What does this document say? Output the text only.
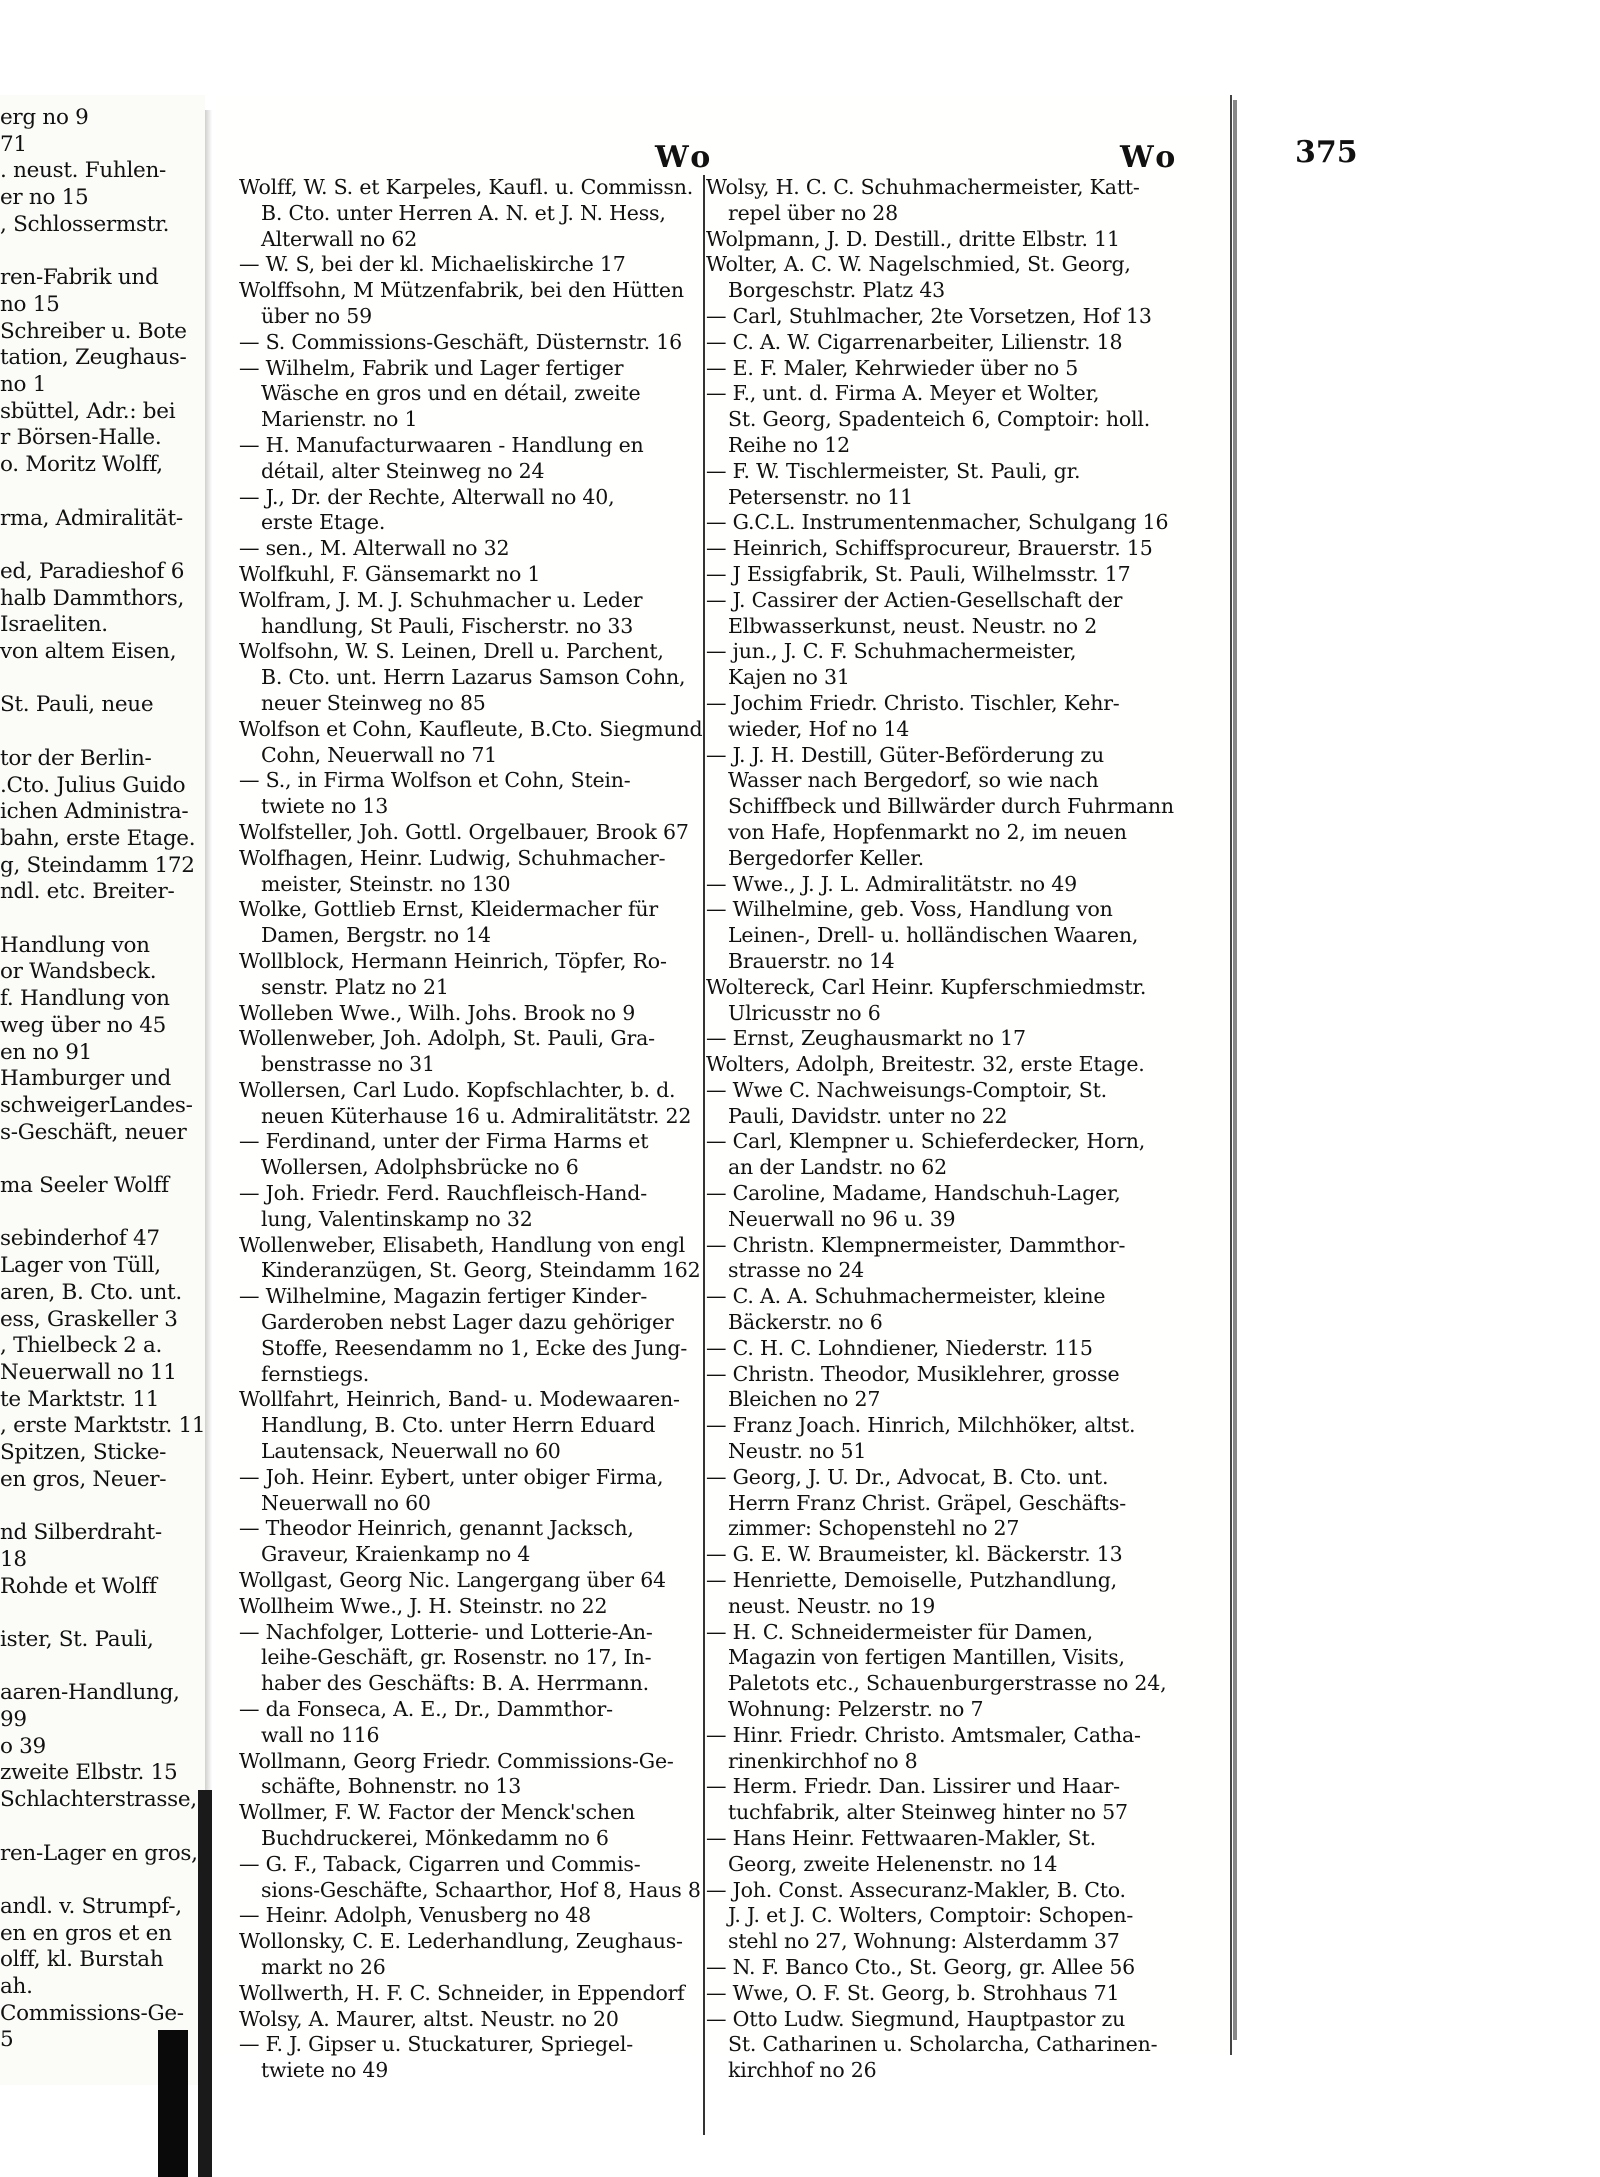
erg no 9
71
. neust. Fuhlen-
er no 15
, Schlossermstr.
ren-Fabrik und
no 15
Schreiber u. Bote
tation, Zeughaus-
no 1
sbüttel, Adr.: bei
r Börsen-Halle.
o. Moritz Wolff,
rma, Admiralität-
ed, Paradieshof 6
halb Dammthors,
Israeliten.
von altem Eisen,
St. Pauli, neue
tor der Berlin-
.Cto. Julius Guido
ichen Administra-
bahn, erste Etage.
g, Steindamm 172
ndl. etc. Breiter-
Handlung von
or Wandsbeck.
f. Handlung von
weg über no 45
en no 91
Hamburger und
schweigerLandes-
s-Geschäft, neuer
ma Seeler Wolff
sebinderhof 47
Lager von Tüll,
aren, B. Cto. unt.
ess, Graskeller 3
, Thielbeck 2 a.
Neuerwall no 11
te Marktstr. 11
, erste Marktstr. 11
Spitzen, Sticke-
en gros, Neuer-
nd Silberdraht-
18
Rohde et Wolff
ister, St. Pauli,
aaren-Handlung,
99
o 39
zweite Elbstr. 15
Schlachterstrasse,
ren-Lager en gros,
andl. v. Strumpf-,
en en gros et en
olff, kl. Burstah
ah.
Commissions-Ge-
5
Wo	Wo	375
Wolff, W. S. et Karpeles, Kaufl. u. Commissn.
B. Cto. unter Herren A. N. et J. N. Hess,
Alterwall no 62
— W. S, bei der kl. Michaeliskirche 17
Wolffsohn, M Mützenfabrik, bei den Hütten
über no 59
— S. Commissions-Geschäft, Düsternstr. 16
— Wilhelm, Fabrik und Lager fertiger
Wäsche en gros und en détail, zweite
Marienstr. no 1
— H. Manufacturwaaren - Handlung en
détail, alter Steinweg no 24
— J., Dr. der Rechte, Alterwall no 40,
erste Etage.
— sen., M. Alterwall no 32
Wolfkuhl, F. Gänsemarkt no 1
Wolfram, J. M. J. Schuhmacher u. Leder
handlung, St Pauli, Fischerstr. no 33
Wolfsohn, W. S. Leinen, Drell u. Parchent,
B. Cto. unt. Herrn Lazarus Samson Cohn,
neuer Steinweg no 85
Wolfson et Cohn, Kaufleute, B.Cto. Siegmund
Cohn, Neuerwall no 71
— S., in Firma Wolfson et Cohn, Stein-
twiete no 13
Wolfsteller, Joh. Gottl. Orgelbauer, Brook 67
Wolfhagen, Heinr. Ludwig, Schuhmacher-
meister, Steinstr. no 130
Wolke, Gottlieb Ernst, Kleidermacher für
Damen, Bergstr. no 14
Wollblock, Hermann Heinrich, Töpfer, Ro-
senstr. Platz no 21
Wolleben Wwe., Wilh. Johs. Brook no 9
Wollenweber, Joh. Adolph, St. Pauli, Gra-
benstrasse no 31
Wollersen, Carl Ludo. Kopfschlachter, b. d.
neuen Küterhause 16 u. Admiralitätstr. 22
— Ferdinand, unter der Firma Harms et
Wollersen, Adolphsbrücke no 6
— Joh. Friedr. Ferd. Rauchfleisch-Hand-
lung, Valentinskamp no 32
Wollenweber, Elisabeth, Handlung von engl
Kinderanzügen, St. Georg, Steindamm 162
— Wilhelmine, Magazin fertiger Kinder-
Garderoben nebst Lager dazu gehöriger
Stoffe, Reesendamm no 1, Ecke des Jung-
fernstiegs.
Wollfahrt, Heinrich, Band- u. Modewaaren-
Handlung, B. Cto. unter Herrn Eduard
Lautensack, Neuerwall no 60
— Joh. Heinr. Eybert, unter obiger Firma,
Neuerwall no 60
— Theodor Heinrich, genannt Jacksch,
Graveur, Kraienkamp no 4
Wollgast, Georg Nic. Langergang über 64
Wollheim Wwe., J. H. Steinstr. no 22
— Nachfolger, Lotterie- und Lotterie-An-
leihe-Geschäft, gr. Rosenstr. no 17, In-
haber des Geschäfts: B. A. Herrmann.
— da Fonseca, A. E., Dr., Dammthor-
wall no 116
Wollmann, Georg Friedr. Commissions-Ge-
schäfte, Bohnenstr. no 13
Wollmer, F. W. Factor der Menck'schen
Buchdruckerei, Mönkedamm no 6
— G. F., Taback, Cigarren und Commis-
sions-Geschäfte, Schaarthor, Hof 8, Haus 8
— Heinr. Adolph, Venusberg no 48
Wollonsky, C. E. Lederhandlung, Zeughaus-
markt no 26
Wollwerth, H. F. C. Schneider, in Eppendorf
Wolsy, A. Maurer, altst. Neustr. no 20
— F. J. Gipser u. Stuckaturer, Spriegel-
twiete no 49
Wolsy, H. C. C. Schuhmachermeister, Katt-
repel über no 28
Wolpmann, J. D. Destill., dritte Elbstr. 11
Wolter, A. C. W. Nagelschmied, St. Georg,
Borgeschstr. Platz 43
— Carl, Stuhlmacher, 2te Vorsetzen, Hof 13
— C. A. W. Cigarrenarbeiter, Lilienstr. 18
— E. F. Maler, Kehrwieder über no 5
— F., unt. d. Firma A. Meyer et Wolter,
St. Georg, Spadenteich 6, Comptoir: holl.
Reihe no 12
— F. W. Tischlermeister, St. Pauli, gr.
Petersenstr. no 11
— G.C.L. Instrumentenmacher, Schulgang 16
— Heinrich, Schiffsprocureur, Brauerstr. 15
— J Essigfabrik, St. Pauli, Wilhelmsstr. 17
— J. Cassirer der Actien-Gesellschaft der
Elbwasserkunst, neust. Neustr. no 2
— jun., J. C. F. Schuhmachermeister,
Kajen no 31
— Jochim Friedr. Christo. Tischler, Kehr-
wieder, Hof no 14
— J. J. H. Destill, Güter-Beförderung zu
Wasser nach Bergedorf, so wie nach
Schiffbeck und Billwärder durch Fuhrmann
von Hafe, Hopfenmarkt no 2, im neuen
Bergedorfer Keller.
— Wwe., J. J. L. Admiralitätstr. no 49
— Wilhelmine, geb. Voss, Handlung von
Leinen-, Drell- u. holländischen Waaren,
Brauerstr. no 14
Woltereck, Carl Heinr. Kupferschmiedmstr.
Ulricusstr no 6
— Ernst, Zeughausmarkt no 17
Wolters, Adolph, Breitestr. 32, erste Etage.
— Wwe C. Nachweisungs-Comptoir, St.
Pauli, Davidstr. unter no 22
— Carl, Klempner u. Schieferdecker, Horn,
an der Landstr. no 62
— Caroline, Madame, Handschuh-Lager,
Neuerwall no 96 u. 39
— Christn. Klempnermeister, Dammthor-
strasse no 24
— C. A. A. Schuhmachermeister, kleine
Bäckerstr. no 6
— C. H. C. Lohndiener, Niederstr. 115
— Christn. Theodor, Musiklehrer, grosse
Bleichen no 27
— Franz Joach. Hinrich, Milchhöker, altst.
Neustr. no 51
— Georg, J. U. Dr., Advocat, B. Cto. unt.
Herrn Franz Christ. Gräpel, Geschäfts-
zimmer: Schopenstehl no 27
— G. E. W. Braumeister, kl. Bäckerstr. 13
— Henriette, Demoiselle, Putzhandlung,
neust. Neustr. no 19
— H. C. Schneidermeister für Damen,
Magazin von fertigen Mantillen, Visits,
Paletots etc., Schauenburgerstrasse no 24,
Wohnung: Pelzerstr. no 7
— Hinr. Friedr. Christo. Amtsmaler, Catha-
rinenkirchhof no 8
— Herm. Friedr. Dan. Lissirer und Haar-
tuchfabrik, alter Steinweg hinter no 57
— Hans Heinr. Fettwaaren-Makler, St.
Georg, zweite Helenenstr. no 14
— Joh. Const. Assecuranz-Makler, B. Cto.
J. J. et J. C. Wolters, Comptoir: Schopen-
stehl no 27, Wohnung: Alsterdamm 37
— N. F. Banco Cto., St. Georg, gr. Allee 56
— Wwe, O. F. St. Georg, b. Strohhaus 71
— Otto Ludw. Siegmund, Hauptpastor zu
St. Catharinen u. Scholarcha, Catharinen-
kirchhof no 26
